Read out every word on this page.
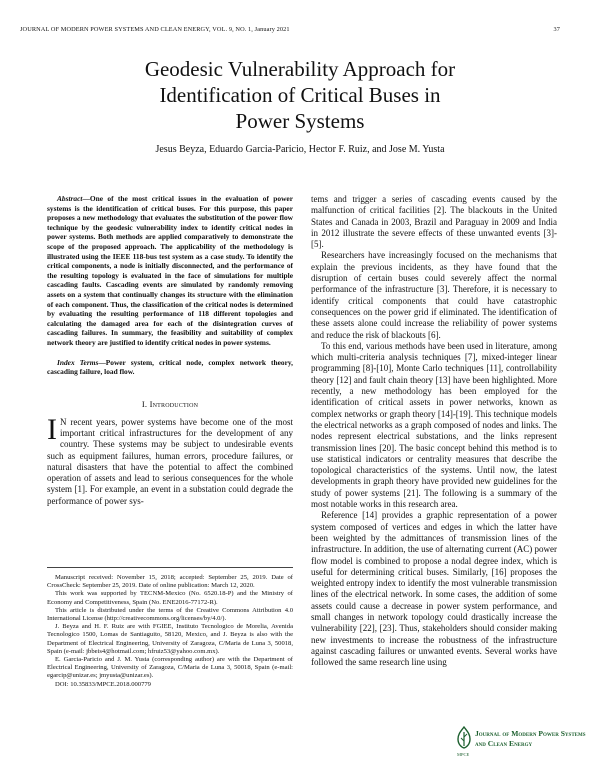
JOURNAL OF MODERN POWER SYSTEMS AND CLEAN ENERGY, VOL. 9, NO. 1, January 2021	37
Geodesic Vulnerability Approach for
Identification of Critical Buses in
Power Systems
Jesus Beyza, Eduardo Garcia-Paricio, Hector F. Ruiz, and Jose M. Yusta

Abstract—One of the most critical issues in the evaluation of power systems is the identification of critical buses. For this purpose, this paper proposes a new methodology that evaluates the substitution of the power flow technique by the geodesic vulnerability index to identify critical nodes in power systems. Both methods are applied comparatively to demonstrate the scope of the proposed approach. The applicability of the methodology is illustrated using the IEEE 118-bus test system as a case study. To identify the critical components, a node is initially disconnected, and the performance of the resulting topology is evaluated in the face of simulations for multiple cascading faults. Cascading events are simulated by randomly removing assets on a system that continually changes its structure with the elimination of each component. Thus, the classification of the critical nodes is determined by evaluating the resulting performance of 118 different topologies and calculating the damaged area for each of the disintegration curves of cascading failures. In summary, the feasibility and suitability of complex network theory are justified to identify critical nodes in power systems.

Index Terms—Power system, critical node, complex network theory, cascading failure, load flow.

I. Introduction

I N recent years, power systems have become one of the most important critical infrastructures for the development of any country. These systems may be subject to undesirable events such as equipment failures, human errors, procedure failures, or natural disasters that have the potential to affect the combined operation of assets and lead to serious consequences for the whole system [1]. For example, an event in a substation could degrade the performance of power sys-

Manuscript received: November 15, 2018; accepted: September 25, 2019. Date of CrossCheck: September 25, 2019. Date of online publication: March 12, 2020.

This work was supported by TECNM-Mexico (No. 6520.18-P) and the Ministry of Economy and Competitiveness, Spain (No. ENE2016-77172-R).

This article is distributed under the terms of the Creative Commons Attribution 4.0 International License (http://creativecommons.org/licenses/by/4.0/).

J. Beyza and H. F. Ruiz are with FGIEE, Instituto Tecnologico de Morelia, Avenida Tecnologico 1500, Lomas de Santiaguito, 58120, Mexico, and J. Beyza is also with the Department of Electrical Engineering, University of Zaragoza, C/Maria de Luna 3, 50018, Spain (e-mail: jbbeis4@hotmail.com; hfruiz53@yahoo.com.mx).

E. Garcia-Paricio and J. M. Yusta (corresponding author) are with the Department of Electrical Engineering, University of Zaragoza, C/Maria de Luna 3, 50018, Spain (e-mail: egarcip@unizar.es; jmyusta@unizar.es).

DOI: 10.35833/MPCE.2018.000779

tems and trigger a series of cascading events caused by the malfunction of critical facilities [2]. The blackouts in the United States and Canada in 2003, Brazil and Paraguay in 2009 and India in 2012 illustrate the severe effects of these unwanted events [3]-[5].

Researchers have increasingly focused on the mechanisms that explain the previous incidents, as they have found that the disruption of certain buses could severely affect the normal performance of the infrastructure [3]. Therefore, it is necessary to identify critical components that could have catastrophic consequences on the power grid if eliminated. The identification of these assets alone could increase the reliability of power systems and reduce the risk of blackouts [6].

To this end, various methods have been used in literature, among which multi-criteria analysis techniques [7], mixed-integer linear programming [8]-[10], Monte Carlo techniques [11], controllability theory [12] and fault chain theory [13] have been highlighted. More recently, a new methodology has been employed for the identification of critical assets in power networks, known as complex networks or graph theory [14]-[19]. This technique models the electrical networks as a graph composed of nodes and links. The nodes represent electrical substations, and the links represent transmission lines [20]. The basic concept behind this method is to use statistical indicators or centrality measures that describe the topological characteristics of the systems. Until now, the latest developments in graph theory have provided new guidelines for the study of power systems [21]. The following is a summary of the most notable works in this research area.

Reference [14] provides a graphic representation of a power system composed of vertices and edges in which the latter have been weighted by the admittances of transmission lines of the infrastructure. In addition, the use of alternating current (AC) power flow model is combined to propose a nodal degree index, which is useful for determining critical buses. Similarly, [16] proposes the weighted entropy index to identify the most vulnerable transmission lines of the electrical network. In some cases, the addition of some assets could cause a decrease in power system performance, and small changes in network topology could drastically increase the vulnerability [22], [23]. Thus, stakeholders should consider making new investments to increase the robustness of the infrastructure against cascading failures or unwanted events. Several works have followed the same research line using

Journal of Modern Power Systems
and Clean Energy
MPCE
